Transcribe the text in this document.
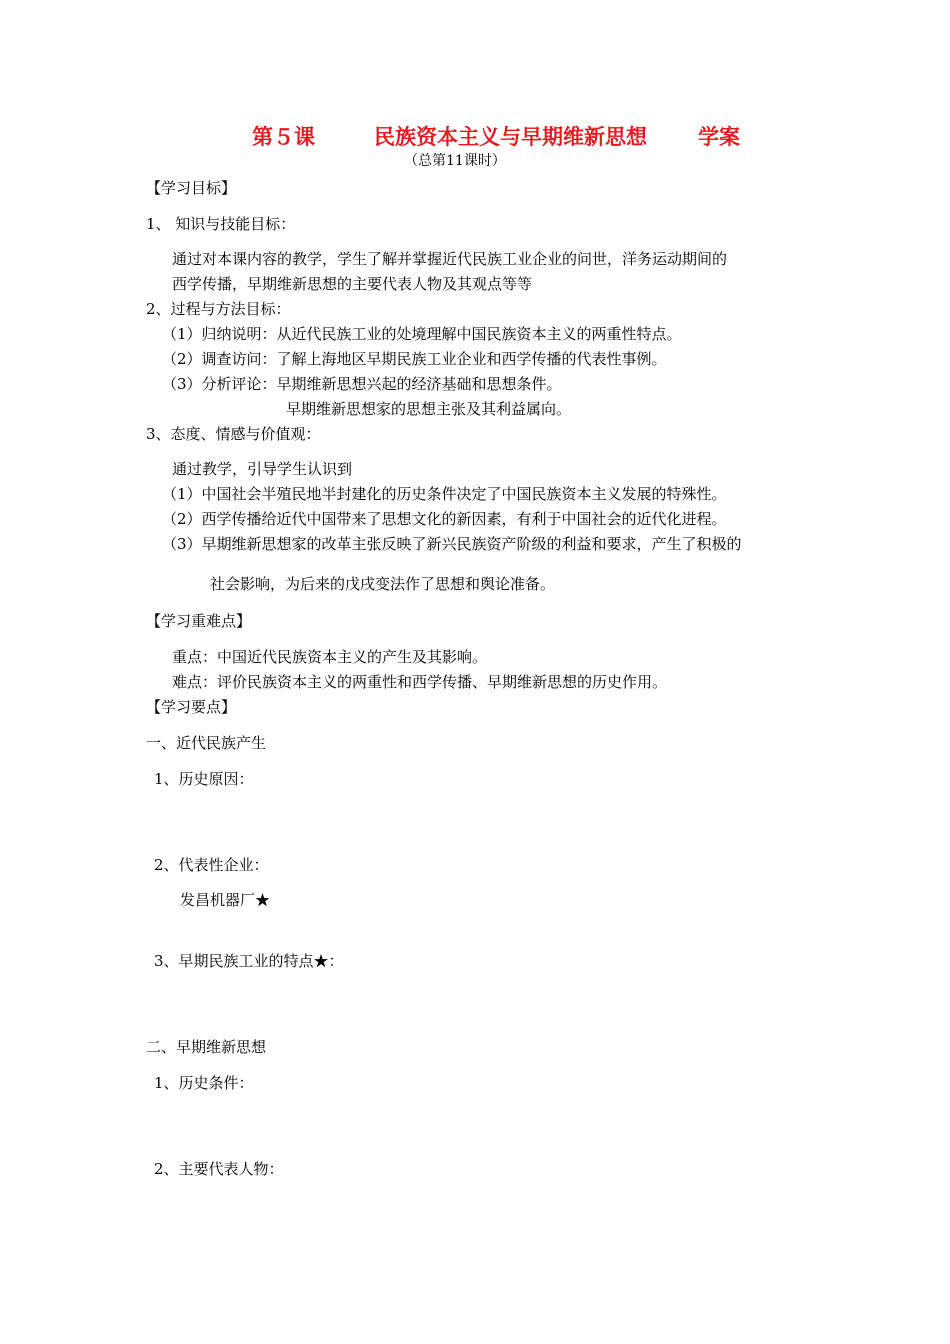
第５课	民族资本主义与早期维新思想 学案
（总第11课时）
【学习目标】
1、 知识与技能目标：
通过对本课内容的教学，学生了解并掌握近代民族工业企业的问世，洋务运动期间的
西学传播，早期维新思想的主要代表人物及其观点等等
2、过程与方法目标：
（1）归纳说明：从近代民族工业的处境理解中国民族资本主义的两重性特点。
（2）调查访问：了解上海地区早期民族工业企业和西学传播的代表性事例。
（3）分析评论：早期维新思想兴起的经济基础和思想条件。
早期维新思想家的思想主张及其利益属向。
3、态度、情感与价值观：
通过教学，引导学生认识到
（1）中国社会半殖民地半封建化的历史条件决定了中国民族资本主义发展的特殊性。
（2）西学传播给近代中国带来了思想文化的新因素，有利于中国社会的近代化进程。
（3）早期维新思想家的改革主张反映了新兴民族资产阶级的利益和要求，产生了积极的
社会影响，为后来的戊戌变法作了思想和舆论准备。
【学习重难点】
重点：中国近代民族资本主义的产生及其影响。
难点：评价民族资本主义的两重性和西学传播、早期维新思想的历史作用。
【学习要点】
一、近代民族产生
1、历史原因：
2、代表性企业：
发昌机器厂★
3、早期民族工业的特点★：
二、早期维新思想
1、历史条件：
2、主要代表人物：
